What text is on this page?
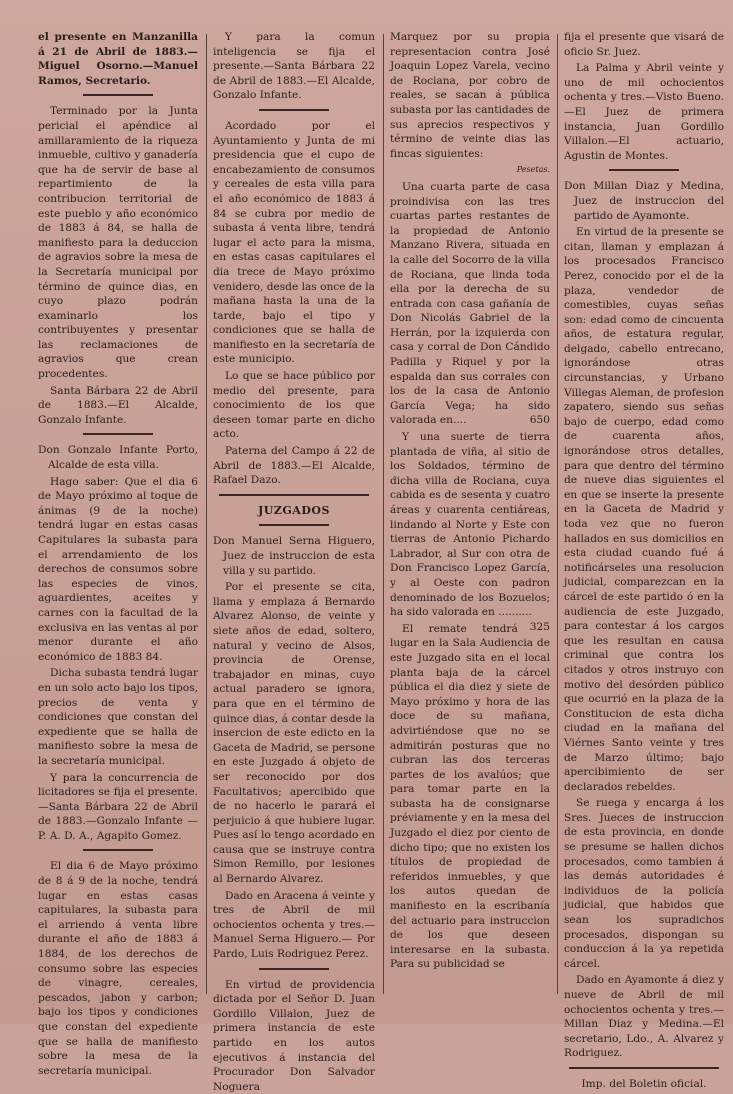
el presente en Manzanilla á 21 de Abril de 1883.—Miguel Osorno.—Manuel Ramos, Secretario.

Terminado por la Junta pericial el apéndice al amillaramiento de la riqueza inmueble, cultivo y ganadería que ha de servir de base al repartimiento de la contribucion territorial de este pueblo y año económico de 1883 á 84, se halla de manifiesto para la deduccion de agravios sobre la mesa de la Secretaría municipal por término de quince dias, en cuyo plazo podrán examinarlo los contribuyentes y presentar las reclamaciones de agravios que crean procedentes.

Santa Bárbara 22 de Abril de 1883.—El Alcalde, Gonzalo Infante.

Don Gonzalo Infante Porto, Alcalde de esta villa.

Hago saber: Que el dia 6 de Mayo próximo al toque de ánimas (9 de la noche) tendrá lugar en estas casas Capitulares la subasta para el arrendamiento de los derechos de consumos sobre las especies de vinos, aguardientes, aceites y carnes con la facultad de la exclusiva en las ventas al por menor durante el año económico de 1883 84.

Dicha subasta tendrá lugar en un solo acto bajo los tipos, precios de venta y condiciones que constan del expediente que se halla de manifiesto sobre la mesa de la secretaría municipal.

Y para la concurrencia de licitadores se fija el presente. —Santa Bárbara 22 de Abril de 1883.—Gonzalo Infante —P. A. D. A., Agapito Gomez.

El dia 6 de Mayo próximo de 8 á 9 de la noche, tendrá lugar en estas casas capitulares, la subasta para el arriendo á venta libre durante el año de 1883 á 1884, de los derechos de consumo sobre las especies de vinagre, cereales, pescados, jabon y carbon; bajo los tipos y condiciones que constan del expediente que se halla de manifiesto sobre la mesa de la secretaría municipal.

Y para la comun inteligencia se fija el presente.—Santa Bárbara 22 de Abril de 1883.—El Alcalde, Gonzalo Infante.

Acordado por el Ayuntamiento y Junta de mi presidencia que el cupo de encabezamiento de consumos y cereales de esta villa para el año económico de 1883 á 84 se cubra por medio de subasta á venta libre, tendrá lugar el acto para la misma, en estas casas capitulares el dia trece de Mayo próximo venidero, desde las once de la mañana hasta la una de la tarde, bajo el tipo y condiciones que se halla de manifiesto en la secretaría de este municipio.

Lo que se hace público por medio del presente, para conocimiento de los que deseen tomar parte en dicho acto.

Paterna del Campo á 22 de Abril de 1883.—El Alcalde, Rafael Dazo.

JUZGADOS

Don Manuel Serna Higuero, Juez de instruccion de esta villa y su partido.

Por el presente se cita, llama y emplaza á Bernardo Alvarez Alonso, de veinte y siete años de edad, soltero, natural y vecino de Alsos, provincia de Orense, trabajador en minas, cuyo actual paradero se ignora, para que en el término de quince dias, á contar desde la insercion de este edicto en la Gaceta de Madrid, se persone en este Juzgado á objeto de ser reconocido por dos Facultativos; apercibido que de no hacerlo le parará el perjuicio á que hubiere lugar. Pues así lo tengo acordado en causa que se instruye contra Simon Remillo, por lesiones al Bernardo Alvarez.

Dado en Aracena á veinte y tres de Abril de mil ochocientos ochenta y tres.—Manuel Serna Higuero.— Por Pardo, Luis Rodriguez Perez.

En virtud de providencia dictada por el Señor D. Juan Gordillo Villalon, Juez de primera instancia de este partido en los autos ejecutivos á instancia del Procurador Don Salvador Noguera

Marquez por su propia representacion contra José Joaquin Lopez Varela, vecino de Rociana, por cobro de reales, se sacan á pública subasta por las cantidades de sus aprecios respectivos y término de veinte dias las fincas siguientes:

Pesetas.

Una cuarta parte de casa proindivisa con las tres cuartas partes restantes de la propiedad de Antonio Manzano Rivera, situada en la calle del Socorro de la villa de Rociana, que linda toda ella por la derecha de su entrada con casa gañanía de Don Nicolás Gabriel de la Herrán, por la izquierda con casa y corral de Don Cándido Padilla y Riquel y por la espalda dan sus corrales con los de la casa de Antonio García Vega; ha sido valorada en....	650

Y una suerte de tierra plantada de viña, al sitio de los Soldados, término de dicha villa de Rociana, cuya cabida es de sesenta y cuatro áreas y cuarenta centiáreas, lindando al Norte y Este con tierras de Antonio Pichardo Labrador, al Sur con otra de Don Francisco Lopez García, y al Oeste con padron denominado de los Bozuelos; ha sido valorada en ..........
325

El remate tendrá lugar en la Sala Audiencia de este Juzgado sita en el local planta baja de la cárcel pública el dia diez y siete de Mayo próximo y hora de las doce de su mañana, advirtiéndose que no se admitirán posturas que no cubran las dos terceras partes de los avalúos; que para tomar parte en la subasta ha de consignarse préviamente y en la mesa del Juzgado el diez por ciento de dicho tipo; que no existen los títulos de propiedad de referidos inmuebles, y que los autos quedan de manifiesto en la escribanía del actuario para instruccion de los que deseen interesarse en la subasta. Para su publicidad se

fija el presente que visará de oficio Sr. Juez.

La Palma y Abril veinte y uno de mil ochocientos ochenta y tres.—Visto Bueno.—El Juez de primera instancia, Juan Gordillo Villalon.—El actuario, Agustin de Montes.

Don Millan Diaz y Medina, Juez de instruccion del partido de Ayamonte.

En virtud de la presente se citan, llaman y emplazan á los procesados Francisco Perez, conocido por el de la plaza, vendedor de comestibles, cuyas señas son: edad como de cincuenta años, de estatura regular, delgado, cabello entrecano, ignorándose otras circunstancias, y Urbano Villegas Aleman, de profesion zapatero, siendo sus señas bajo de cuerpo, edad como de cuarenta años, ignorándose otros detalles, para que dentro del término de nueve dias siguientes el en que se inserte la presente en la Gaceta de Madrid y toda vez que no fueron hallados en sus domicilios en esta ciudad cuando fué á notificárseles una resolucion judicial, comparezcan en la cárcel de este partido ó en la audiencia de este Juzgado, para contestar á los cargos que les resultan en causa criminal que contra los citados y otros instruyo con motivo del desórden público que ocurrió en la plaza de la Constitucion de esta dicha ciudad en la mañana del Viérnes Santo veinte y tres de Marzo último; bajo apercibimiento de ser declarados rebeldes.

Se ruega y encarga á los Sres. Jueces de instruccion de esta provincia, en donde se presume se hallen dichos procesados, como tambien á las demás autoridades é individuos de la policía judicial, que habidos que sean los supradichos procesados, dispongan su conduccion á la ya repetida cárcel.

Dado en Ayamonte á diez y nueve de Abril de mil ochocientos ochenta y tres.—Millan Diaz y Medina.—El secretario, Ldo., A. Alvarez y Rodriguez.

Imp. del Boletin oficial.
